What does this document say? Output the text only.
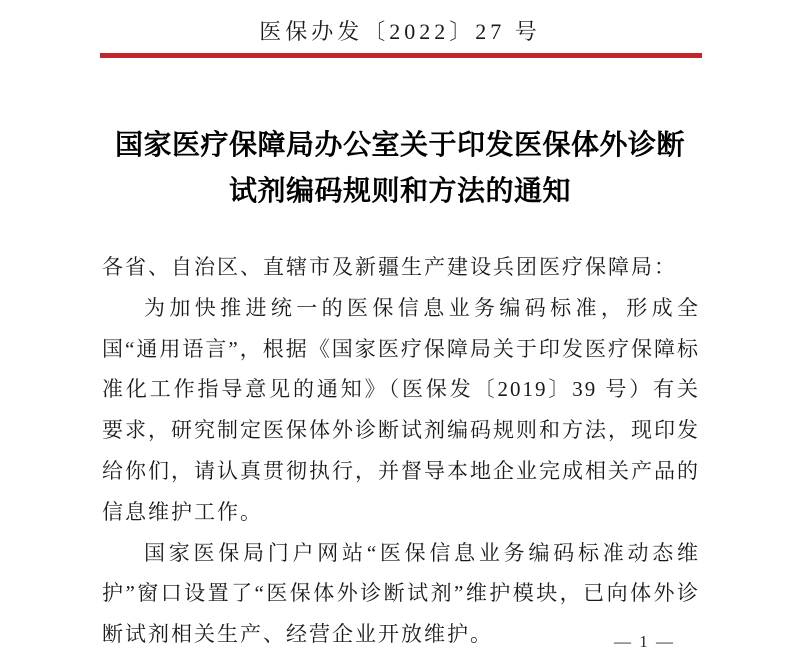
医保办发〔2022〕27 号
国家医疗保障局办公室关于印发医保体外诊断
试剂编码规则和方法的通知

各省、自治区、直辖市及新疆生产建设兵团医疗保障局：

为加快推进统一的医保信息业务编码标准，形成全国“通用语言”，根据《国家医疗保障局关于印发医疗保障标准化工作指导意见的通知》（医保发〔2019〕39 号）有关要求，研究制定医保体外诊断试剂编码规则和方法，现印发给你们，请认真贯彻执行，并督导本地企业完成相关产品的信息维护工作。

国家医保局门户网站“医保信息业务编码标准动态维护”窗口设置了“医保体外诊断试剂”维护模块，已向体外诊断试剂相关生产、经营企业开放维护。	— 1 —
